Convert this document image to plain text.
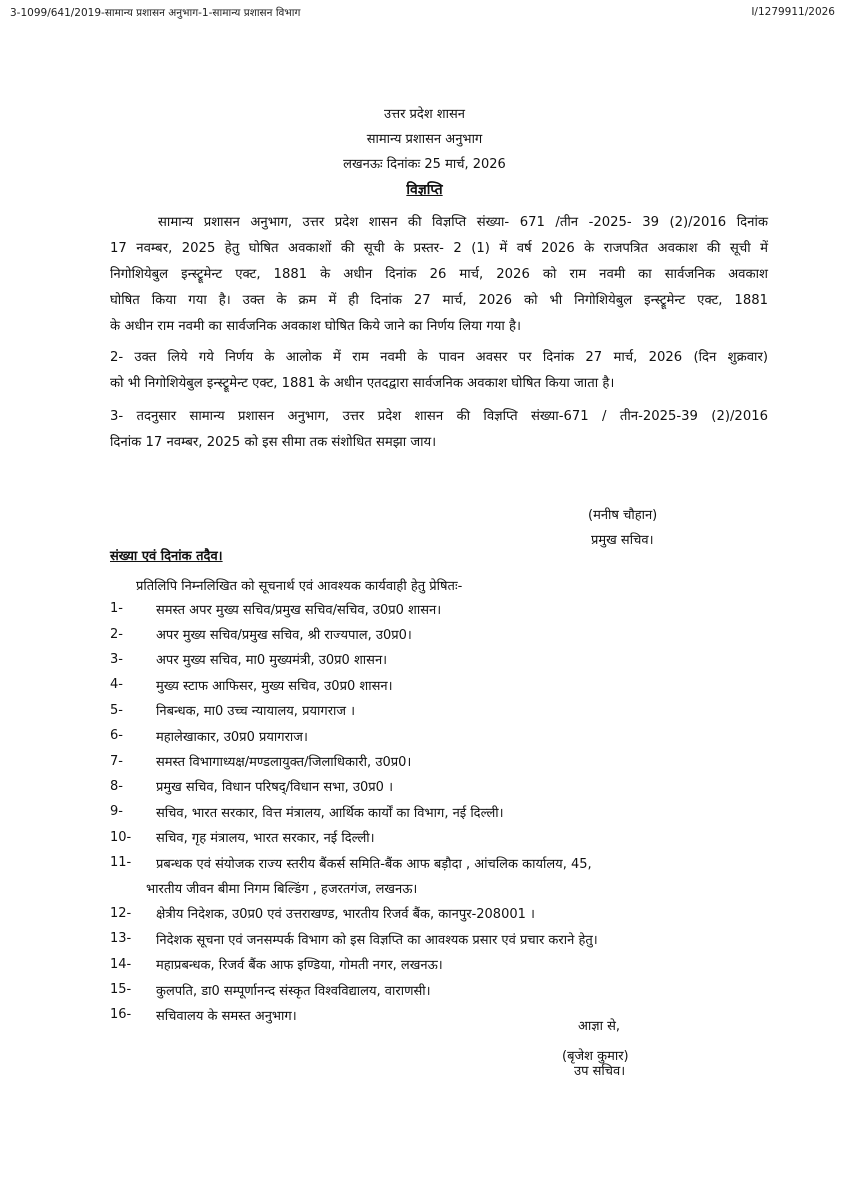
3-1099/641/2019-सामान्य प्रशासन अनुभाग-1-सामान्य प्रशासन विभाग	I/1279911/2026
उत्तर प्रदेश शासन
सामान्य प्रशासन अनुभाग
लखनऊः दिनांकः 25 मार्च, 2026
विज्ञप्ति
सामान्य प्रशासन अनुभाग, उत्तर प्रदेश शासन की विज्ञप्ति संख्या- 671 /तीन -2025- 39 (2)/2016 दिनांक
17 नवम्बर, 2025 हेतु घोषित अवकाशों की सूची के प्रस्तर- 2 (1) में वर्ष 2026 के राजपत्रित अवकाश की सूची में
निगोशियेबुल इन्स्ट्रूमेन्ट एक्ट, 1881 के अधीन दिनांक 26 मार्च, 2026 को राम नवमी का सार्वजनिक अवकाश
घोषित किया गया है। उक्त के क्रम में ही दिनांक 27 मार्च, 2026 को भी निगोशियेबुल इन्स्ट्रूमेन्ट एक्ट, 1881
के अधीन राम नवमी का सार्वजनिक अवकाश घोषित किये जाने का निर्णय लिया गया है।
2- उक्त लिये गये निर्णय के आलोक में राम नवमी के पावन अवसर पर दिनांक 27 मार्च, 2026 (दिन शुक्रवार)
को भी निगोशियेबुल इन्स्ट्रूमेन्ट एक्ट, 1881 के अधीन एतदद्वारा सार्वजनिक अवकाश घोषित किया जाता है।
3- तदनुसार सामान्य प्रशासन अनुभाग, उत्तर प्रदेश शासन की विज्ञप्ति संख्या-671 / तीन-2025-39 (2)/2016
दिनांक 17 नवम्बर, 2025 को इस सीमा तक संशोधित समझा जाय।
(मनीष चौहान)
प्रमुख सचिव।
संख्या एवं दिनांक तदैव।
प्रतिलिपि निम्नलिखित को सूचनार्थ एवं आवश्यक कार्यवाही हेतु प्रेषितः-
1-	समस्त अपर मुख्य सचिव/प्रमुख सचिव/सचिव, उ0प्र0 शासन।
2-	अपर मुख्य सचिव/प्रमुख सचिव, श्री राज्यपाल, उ0प्र0।
3-	अपर मुख्य सचिव, मा0 मुख्यमंत्री, उ0प्र0 शासन।
4-	मुख्य स्टाफ आफिसर, मुख्य सचिव, उ0प्र0 शासन।
5-	निबन्धक, मा0 उच्च न्यायालय, प्रयागराज ।
6-	महालेखाकार, उ0प्र0 प्रयागराज।
7-	समस्त विभागाध्यक्ष/मण्डलायुक्त/जिलाधिकारी, उ0प्र0।
8-	प्रमुख सचिव, विधान परिषद्/विधान सभा, उ0प्र0 ।
9-	सचिव, भारत सरकार, वित्त मंत्रालय, आर्थिक कार्यों का विभाग, नई दिल्ली।
10-	सचिव, गृह मंत्रालय, भारत सरकार, नई दिल्ली।
11-	प्रबन्धक एवं संयोजक राज्य स्तरीय बैंकर्स समिति-बैंक आफ बड़ौदा , आंचलिक कार्यालय, 45,
भारतीय जीवन बीमा निगम बिल्डिंग , हजरतगंज, लखनऊ।
12-	क्षेत्रीय निदेशक, उ0प्र0 एवं उत्तराखण्ड, भारतीय रिजर्व बैंक, कानपुर-208001 ।
13-	निदेशक सूचना एवं जनसम्पर्क विभाग को इस विज्ञप्ति का आवश्यक प्रसार एवं प्रचार कराने हेतु।
14-	महाप्रबन्धक, रिजर्व बैंक आफ इण्डिया, गोमती नगर, लखनऊ।
15-	कुलपति, डा0 सम्पूर्णानन्द संस्कृत विश्वविद्यालय, वाराणसी।
16-	सचिवालय के समस्त अनुभाग।
आज्ञा से,
(बृजेश कुमार)
उप सचिव।
